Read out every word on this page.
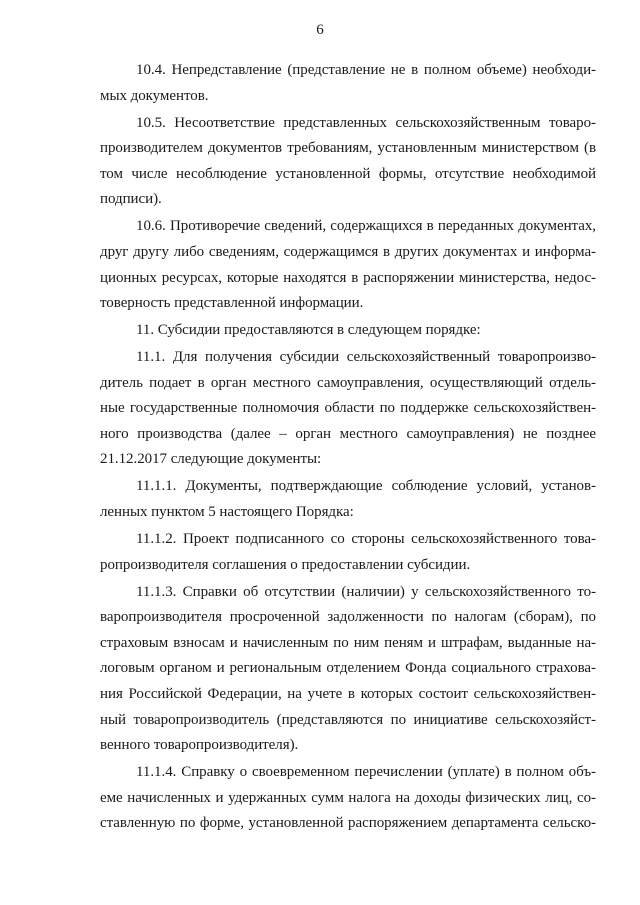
6
10.4. Непредставление (представление не в полном объеме) необходи-
мых документов.
10.5. Несоответствие представленных сельскохозяйственным товаро-
производителем документов требованиям, установленным министерством (в
том числе несоблюдение установленной формы, отсутствие необходимой
подписи).
10.6. Противоречие сведений, содержащихся в переданных документах,
друг другу либо сведениям, содержащимся в других документах и информа-
ционных ресурсах, которые находятся в распоряжении министерства, недос-
товерность представленной информации.
11. Субсидии предоставляются в следующем порядке:
11.1. Для получения субсидии сельскохозяйственный товаропроизво-
дитель подает в орган местного самоуправления, осуществляющий отдель-
ные государственные полномочия области по поддержке сельскохозяйствен-
ного производства (далее – орган местного самоуправления) не позднее
21.12.2017 следующие документы:
11.1.1. Документы, подтверждающие соблюдение условий, установ-
ленных пунктом 5 настоящего Порядка:
11.1.2. Проект подписанного со стороны сельскохозяйственного това-
ропроизводителя соглашения о предоставлении субсидии.
11.1.3. Справки об отсутствии (наличии) у сельскохозяйственного то-
варопроизводителя просроченной задолженности по налогам (сборам), по
страховым взносам и начисленным по ним пеням и штрафам, выданные на-
логовым органом и региональным отделением Фонда социального страхова-
ния Российской Федерации, на учете в которых состоит сельскохозяйствен-
ный товаропроизводитель (представляются по инициативе сельскохозяйст-
венного товаропроизводителя).
11.1.4. Справку о своевременном перечислении (уплате) в полном объ-
еме начисленных и удержанных сумм налога на доходы физических лиц, со-
ставленную по форме, установленной распоряжением департамента сельско-
